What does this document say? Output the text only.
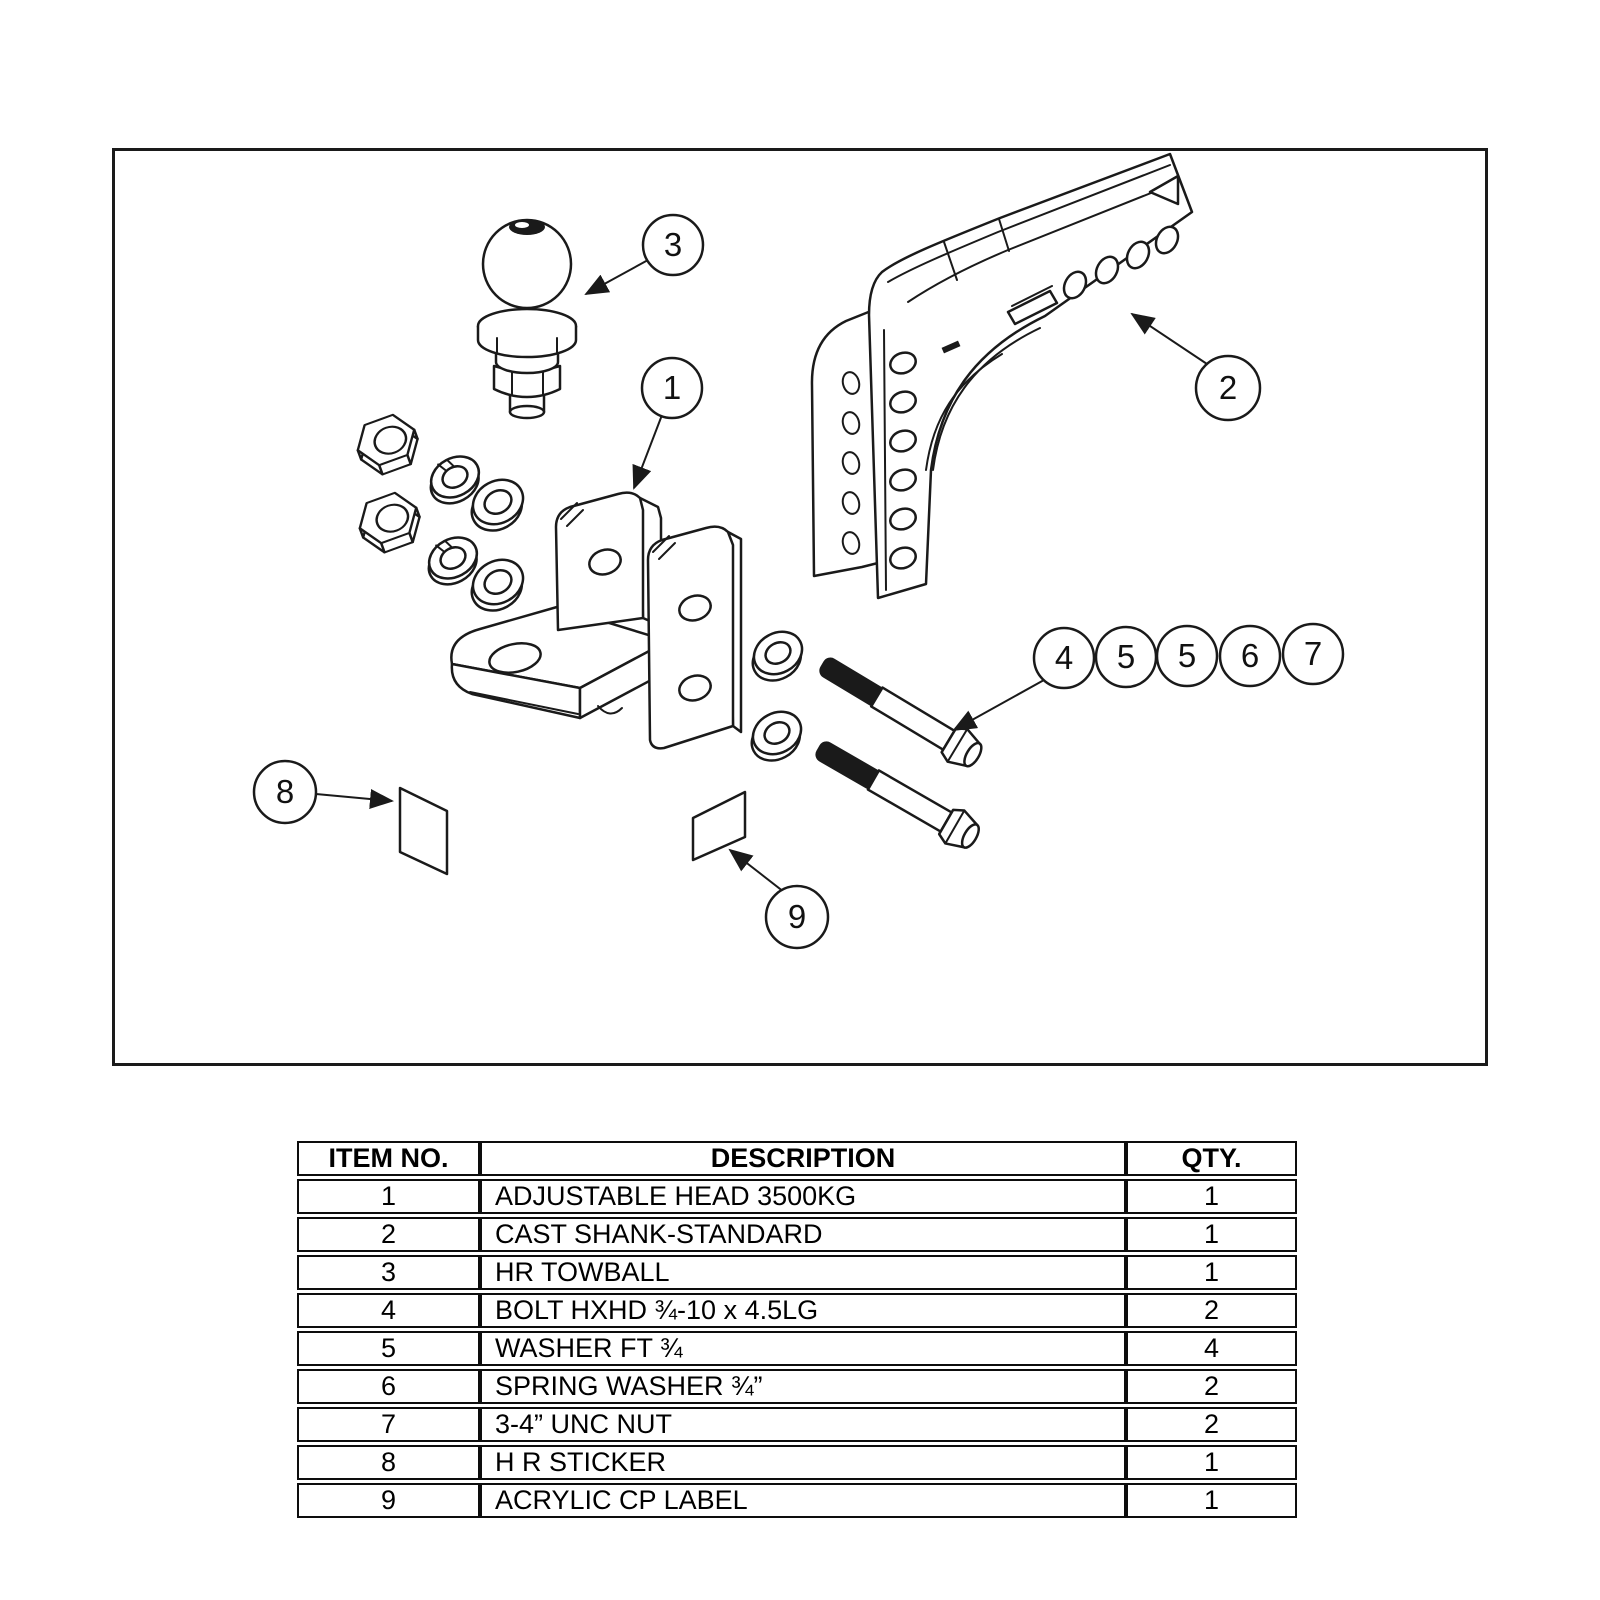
1	2
3
4 5 5 6 7
8
9
ITEM NO.	DESCRIPTION	QTY.
1	ADJUSTABLE HEAD 3500KG	1
2	CAST SHANK-STANDARD	1
3	HR TOWBALL	1
4	BOLT HXHD ¾-10 x 4.5LG	2
5	WASHER FT ¾	4
6	SPRING WASHER ¾”	2
7	3-4” UNC NUT	2
8	H R STICKER	1
9	ACRYLIC CP LABEL	1
